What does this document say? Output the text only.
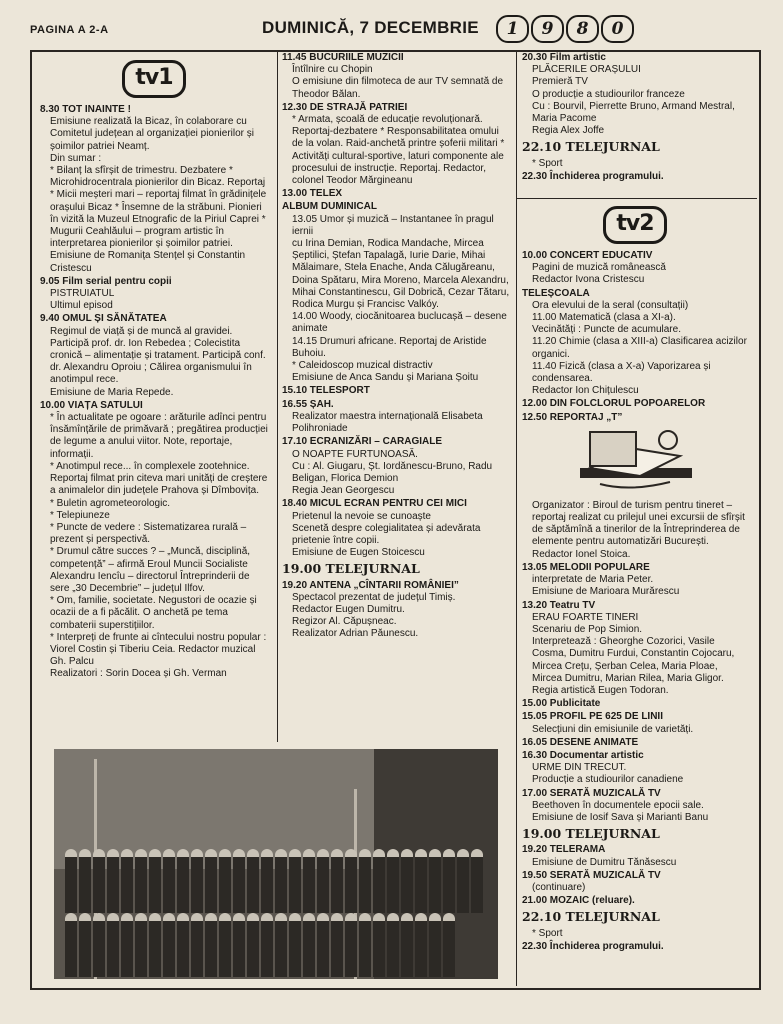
PAGINA A 2-A	DUMINICĂ, 7 DECEMBRIE	1	9	8	0
tv1
8.30 TOT INAINTE !
Emisiune realizată la Bicaz, în colaborare cu Comitetul județean al organizației pionierilor și șoimilor patriei Neamț.
Din sumar :
* Bilanț la sfîrșit de trimestru. Dezbatere * Microhidrocentrala pionierilor din Bicaz. Reportaj * Micii meșteri mari – reportaj filmat în grădinițele orașului Bicaz * Însemne de la străbuni. Pionieri în vizită la Muzeul Etnografic de la Piriul Caprei * Mugurii Ceahlăului – program artistic în interpretarea pionierilor și șoimilor patriei.
Emisiune de Romanița Stențel și Constantin Cristescu
9.05 Film serial pentru copii
PISTRUIATUL
Ultimul episod
9.40 OMUL ȘI SĂNĂTATEA
Regimul de viață și de muncă al gravidei. Participă prof. dr. Ion Rebedea ; Colecistita cronică – alimentație și tratament. Participă conf. dr. Alexandru Oproiu ; Călirea organismului în anotimpul rece.
Emisiune de Maria Repede.
10.00 VIAȚA SATULUI
* În actualitate pe ogoare : arăturile adînci pentru însămînțările de primăvară ; pregătirea producției de legume a anului viitor. Note, reportaje, informații.
* Anotimpul rece... în complexele zootehnice. Reportaj filmat prin citeva mari unități de creștere a animalelor din județele Prahova și Dîmbovița.
* Buletin agrometeorologic.
* Telepiuneze
* Puncte de vedere : Sistematizarea rurală – prezent și perspectivă.
* Drumul către succes ? – „Muncă, disciplină, competență” – afirmă Eroul Muncii Socialiste Alexandru Iencîu – directorul Întreprinderii de sere „30 Decembrie” – județul Ilfov.
* Om, familie, societate. Negustori de ocazie și ocazii de a fi păcălit. O anchetă pe tema combaterii superstițiilor.
* Interpreți de frunte ai cîntecului nostru popular : Viorel Costin și Tiberiu Ceia. Redactor muzical Gh. Palcu
Realizatori : Sorin Docea și Gh. Verman
11.45 BUCURIILE MUZICII
Întîlnire cu Chopin
O emisiune din filmoteca de aur TV semnată de Theodor Bălan.
12.30 DE STRAJĂ PATRIEI
* Armata, școală de educație revoluționară. Reportaj-dezbatere * Responsabilitatea omului de la volan. Raid-anchetă printre șoferii militari * Activități cultural-sportive, laturi componente ale procesului de instrucție. Reportaj. Redactor, colonel Teodor Mărgineanu
13.00 TELEX
ALBUM DUMINICAL
13.05 Umor și muzică – Instantanee în pragul iernii
cu Irina Demian, Rodica Mandache, Mircea Șeptilici, Ștefan Tapalagă, Iurie Darie, Mihai Mălaimare, Stela Enache, Anda Călugăreanu, Doina Spătaru, Mira Moreno, Marcela Alexandru, Mihai Constantinescu, Gil Dobrică, Cezar Tătaru, Rodica Murgu și Francisc Valkóy.
14.00 Woody, ciocănitoarea buclucașă – desene animate
14.15 Drumuri africane. Reportaj de Aristide Buhoiu.
* Caleidoscop muzical distractiv
Emisiune de Anca Sandu și Mariana Șoitu
15.10 TELESPORT
16.55 ȘAH.
Realizator maestra internațională Elisabeta Polihroniade
17.10 ECRANIZĂRI – CARAGIALE
O NOAPTE FURTUNOASĂ.
Cu : Al. Giugaru, Șt. Iordănescu-Bruno, Radu Beligan, Florica Demion
Regia Jean Georgescu
18.40 MICUL ECRAN PENTRU CEI MICI
Prietenul la nevoie se cunoaște
Scenetă despre colegialitatea și adevărata prietenie între copii.
Emisiune de Eugen Stoicescu
19.00 TELEJURNAL
19.20 ANTENA „CÎNTARII ROMÂNIEI”
Spectacol prezentat de județul Timiș.
Redactor Eugen Dumitru.
Regizor Al. Căpușneac.
Realizator Adrian Păunescu.
20.30 Film artistic
PLĂCERILE ORAȘULUI
Premieră TV
O producție a studiourilor franceze
Cu : Bourvil, Pierrette Bruno, Armand Mestral, Maria Pacome
Regia Alex Joffe
22.10 TELEJURNAL
* Sport
22.30 Închiderea programului.
tv2
10.00 CONCERT EDUCATIV
Pagini de muzică românească
Redactor Ivona Cristescu
TELEȘCOALA
Ora elevului de la seral (consultații)
11.00 Matematică (clasa a XI-a).
Vecinătăți : Puncte de acumulare.
11.20 Chimie (clasa a XIII-a) Clasificarea acizilor organici.
11.40 Fizică (clasa a X-a) Vaporizarea și condensarea.
Redactor Ion Chițulescu
12.00 DIN FOLCLORUL POPOARELOR
12.50 REPORTAJ „T”
Organizator : Biroul de turism pentru tineret – reportaj realizat cu prilejul unei excursii de sfîrșit de săptămînă a tinerilor de la Întreprinderea de elemente pentru automatizări București.
Redactor Ionel Stoica.
13.05 MELODII POPULARE
interpretate de Maria Peter.
Emisiune de Marioara Murărescu
13.20 Teatru TV
ERAU FOARTE TINERI
Scenariu de Pop Simion.
Interpretează : Gheorghe Cozorici, Vasile Cosma, Dumitru Furdui, Constantin Cojocaru, Mircea Crețu, Șerban Celea, Maria Ploae, Mircea Dumitru, Marian Rilea, Maria Gligor.
Regia artistică Eugen Todoran.
15.00 Publicitate
15.05 PROFIL PE 625 DE LINII
Selecțiuni din emisiunile de varietăți.
16.05 DESENE ANIMATE
16.30 Documentar artistic
URME DIN TRECUT.
Producție a studiourilor canadiene
17.00 SERATĂ MUZICALĂ TV
Beethoven în documentele epocii sale.
Emisiune de Iosif Sava și Marianti Banu
19.00 TELEJURNAL
19.20 TELERAMA
Emisiune de Dumitru Tănăsescu
19.50 SERATĂ MUZICALĂ TV
(continuare)
21.00 MOZAIC (reluare).
22.10 TELEJURNAL
* Sport
22.30 Închiderea programului.
